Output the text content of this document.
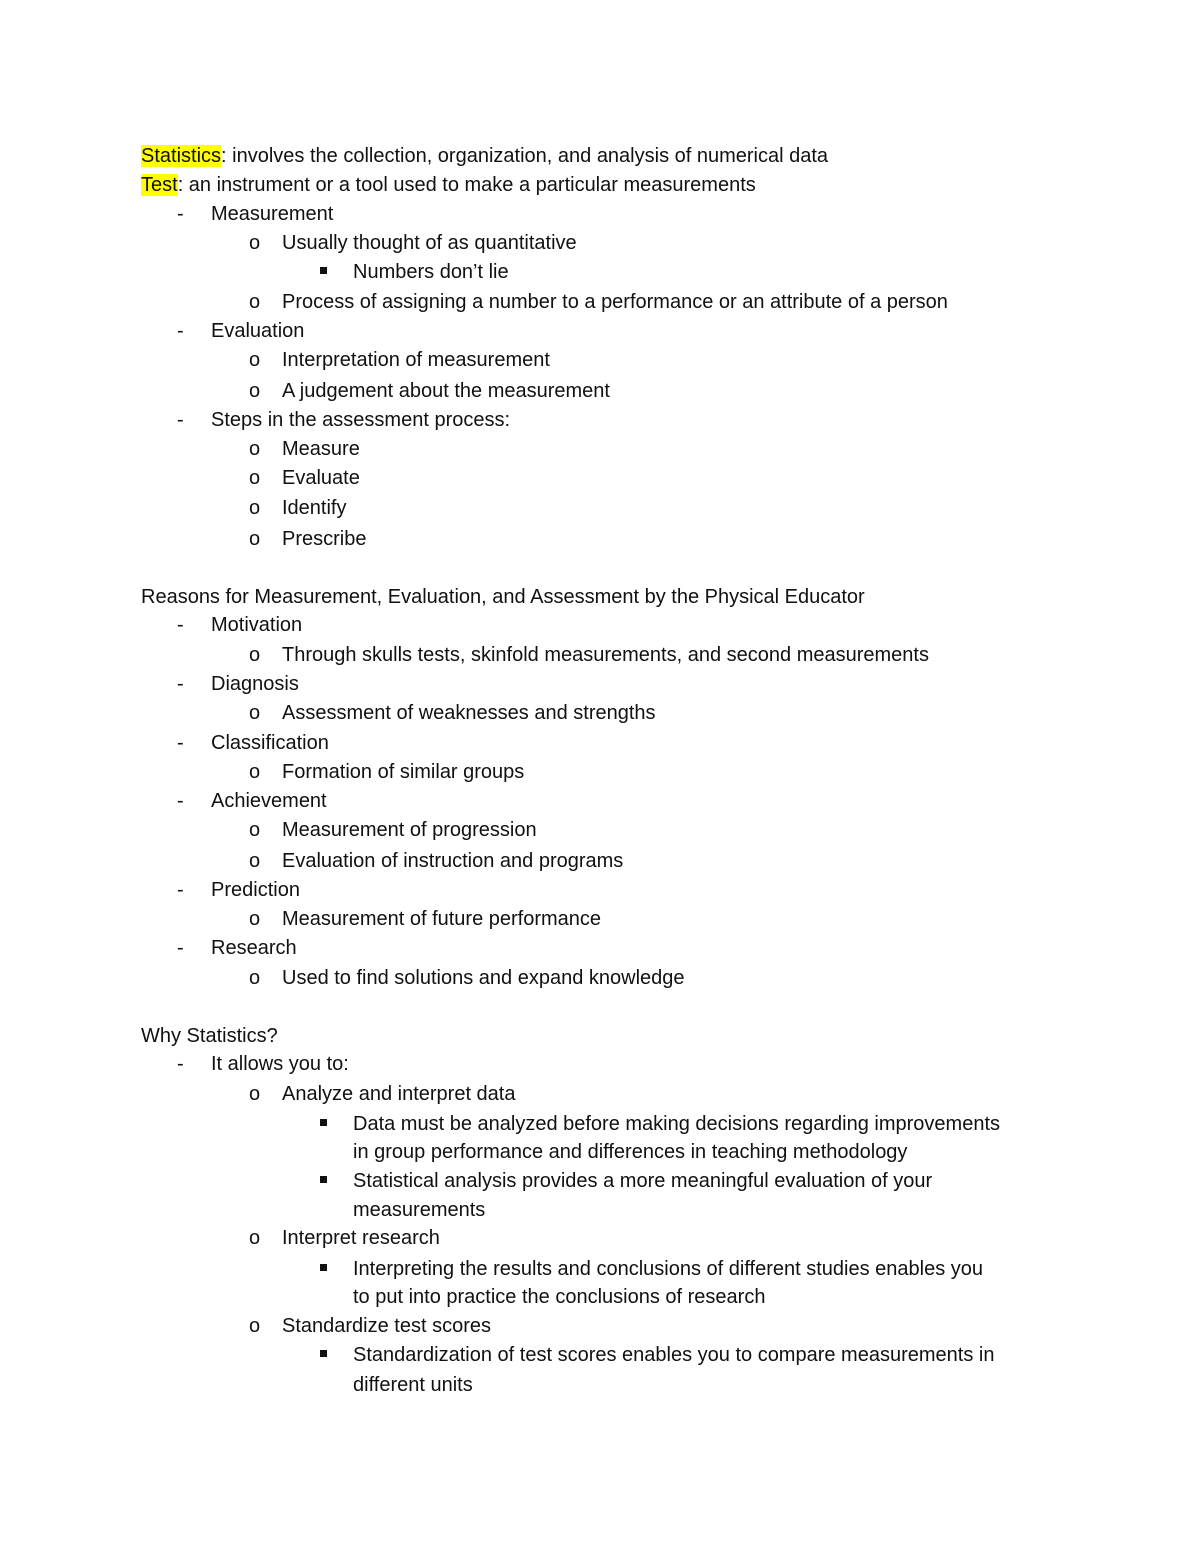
Statistics: involves the collection, organization, and analysis of numerical data
Test: an instrument or a tool used to make a particular measurements
- Measurement
o Usually thought of as quantitative
Numbers don’t lie
o Process of assigning a number to a performance or an attribute of a person
- Evaluation
o Interpretation of measurement
o A judgement about the measurement
- Steps in the assessment process:
o Measure
o Evaluate
o Identify
o Prescribe
Reasons for Measurement, Evaluation, and Assessment by the Physical Educator
- Motivation
o Through skulls tests, skinfold measurements, and second measurements
- Diagnosis
o Assessment of weaknesses and strengths
- Classification
o Formation of similar groups
- Achievement
o Measurement of progression
o Evaluation of instruction and programs
- Prediction
o Measurement of future performance
- Research
o Used to find solutions and expand knowledge
Why Statistics?
- It allows you to:
o Analyze and interpret data
Data must be analyzed before making decisions regarding improvements
in group performance and differences in teaching methodology
Statistical analysis provides a more meaningful evaluation of your
measurements
o Interpret research
Interpreting the results and conclusions of different studies enables you
to put into practice the conclusions of research
o Standardize test scores
Standardization of test scores enables you to compare measurements in
different units
